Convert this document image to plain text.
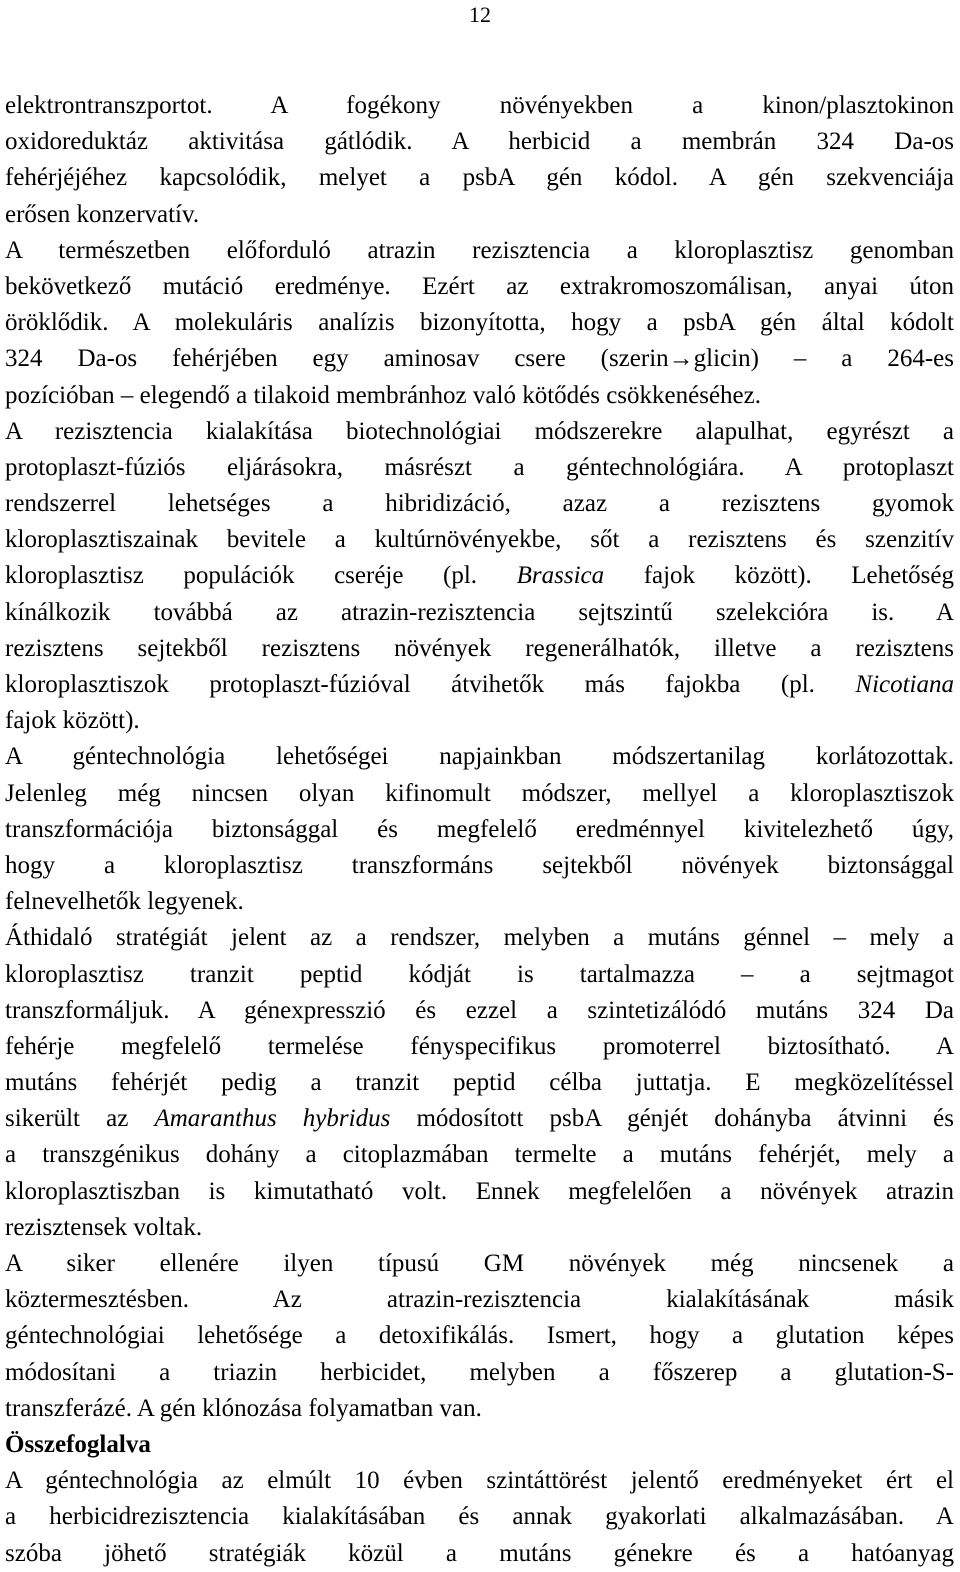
12
elektrontranszportot. A fogékony növényekben a kinon/plasztokinon
oxidoreduktáz aktivitása gátlódik. A herbicid a membrán 324 Da-os
fehérjéjéhez kapcsolódik, melyet a psbA gén kódol. A gén szekvenciája
erősen konzervatív.
A természetben előforduló atrazin rezisztencia a kloroplasztisz genomban
bekövetkező mutáció eredménye. Ezért az extrakromoszomálisan, anyai úton
öröklődik. A molekuláris analízis bizonyította, hogy a psbA gén által kódolt
324 Da-os fehérjében egy aminosav csere (szerin→glicin) – a 264-es
pozícióban – elegendő a tilakoid membránhoz való kötődés csökkenéséhez.
A rezisztencia kialakítása biotechnológiai módszerekre alapulhat, egyrészt a
protoplaszt-fúziós eljárásokra, másrészt a géntechnológiára. A protoplaszt
rendszerrel lehetséges a hibridizáció, azaz a rezisztens gyomok
kloroplasztiszainak bevitele a kultúrnövényekbe, sőt a rezisztens és szenzitív
kloroplasztisz populációk cseréje (pl. Brassica fajok között). Lehetőség
kínálkozik továbbá az atrazin-rezisztencia sejtszintű szelekcióra is. A
rezisztens sejtekből rezisztens növények regenerálhatók, illetve a rezisztens
kloroplasztiszok protoplaszt-fúzióval átvihetők más fajokba (pl. Nicotiana
fajok között).
A géntechnológia lehetőségei napjainkban módszertanilag korlátozottak.
Jelenleg még nincsen olyan kifinomult módszer, mellyel a kloroplasztiszok
transzformációja biztonsággal és megfelelő eredménnyel kivitelezhető úgy,
hogy a kloroplasztisz transzformáns sejtekből növények biztonsággal
felnevelhetők legyenek.
Áthidaló stratégiát jelent az a rendszer, melyben a mutáns génnel – mely a
kloroplasztisz tranzit peptid kódját is tartalmazza – a sejtmagot
transzformáljuk. A génexpresszió és ezzel a szintetizálódó mutáns 324 Da
fehérje megfelelő termelése fényspecifikus promoterrel biztosítható. A
mutáns fehérjét pedig a tranzit peptid célba juttatja. E megközelítéssel
sikerült az Amaranthus hybridus módosított psbA génjét dohányba átvinni és
a transzgénikus dohány a citoplazmában termelte a mutáns fehérjét, mely a
kloroplasztiszban is kimutatható volt. Ennek megfelelően a növények atrazin
rezisztensek voltak.
A siker ellenére ilyen típusú GM növények még nincsenek a
köztermesztésben. Az atrazin-rezisztencia kialakításának másik
géntechnológiai lehetősége a detoxifikálás. Ismert, hogy a glutation képes
módosítani a triazin herbicidet, melyben a főszerep a glutation-S-
transzferázé. A gén klónozása folyamatban van.
Összefoglalva
A géntechnológia az elmúlt 10 évben szintáttörést jelentő eredményeket ért el
a herbicidrezisztencia kialakításában és annak gyakorlati alkalmazásában. A
szóba jöhető stratégiák közül a mutáns génekre és a hatóanyag
